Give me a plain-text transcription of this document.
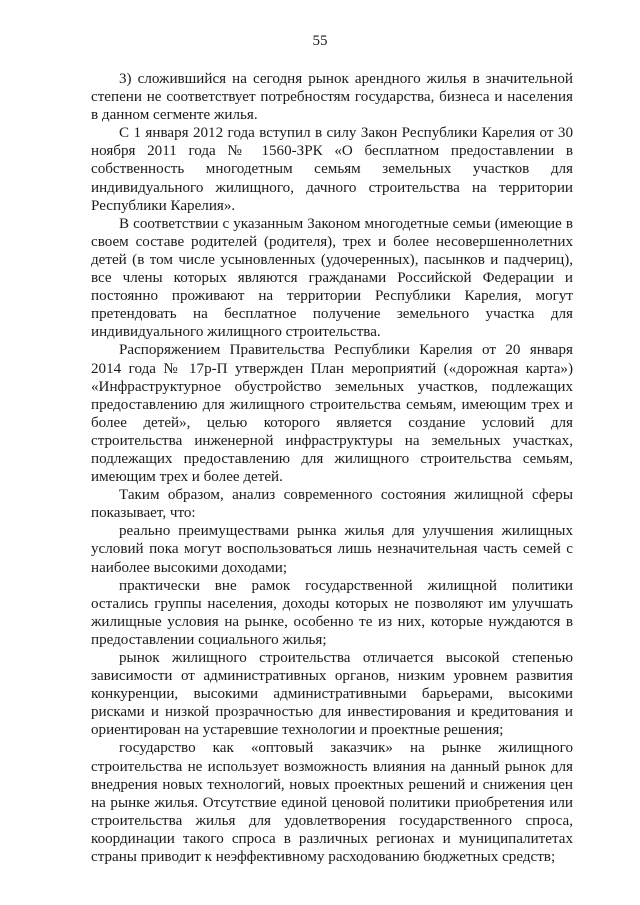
55

3) сложившийся на сегодня рынок арендного жилья в значительной степени не соответствует потребностям государства, бизнеса и населения в данном сегменте жилья.

С 1 января 2012 года вступил в силу Закон Республики Карелия от 30 ноября 2011 года № 1560-ЗРК «О бесплатном предоставлении в собственность многодетным семьям земельных участков для индивидуального жилищного, дачного строительства на территории Республики Карелия».

В соответствии с указанным Законом многодетные семьи (имеющие в своем составе родителей (родителя), трех и более несовершеннолетних детей (в том числе усыновленных (удочеренных), пасынков и падчериц), все члены которых являются гражданами Российской Федерации и постоянно проживают на территории Республики Карелия, могут претендовать на бесплатное получение земельного участка для индивидуального жилищного строительства.

Распоряжением Правительства Республики Карелия от 20 января 2014 года № 17р-П утвержден План мероприятий («дорожная карта») «Инфраструктурное обустройство земельных участков, подлежащих предоставлению для жилищного строительства семьям, имеющим трех и более детей», целью которого является создание условий для строительства инженерной инфраструктуры на земельных участках, подлежащих предоставлению для жилищного строительства семьям, имеющим трех и более детей.

Таким образом, анализ современного состояния жилищной сферы показывает, что:

реально преимуществами рынка жилья для улучшения жилищных условий пока могут воспользоваться лишь незначительная часть семей с наиболее высокими доходами;

практически вне рамок государственной жилищной политики остались группы населения, доходы которых не позволяют им улучшать жилищные условия на рынке, особенно те из них, которые нуждаются в предоставлении социального жилья;

рынок жилищного строительства отличается высокой степенью зависимости от административных органов, низким уровнем развития конкуренции, высокими административными барьерами, высокими рисками и низкой прозрачностью для инвестирования и кредитования и ориентирован на устаревшие технологии и проектные решения;

государство как «оптовый заказчик» на рынке жилищного строительства не использует возможность влияния на данный рынок для внедрения новых технологий, новых проектных решений и снижения цен на рынке жилья. Отсутствие единой ценовой политики приобретения или строительства жилья для удовлетворения государственного спроса, координации такого спроса в различных регионах и муниципалитетах страны приводит к неэффективному расходованию бюджетных средств;
